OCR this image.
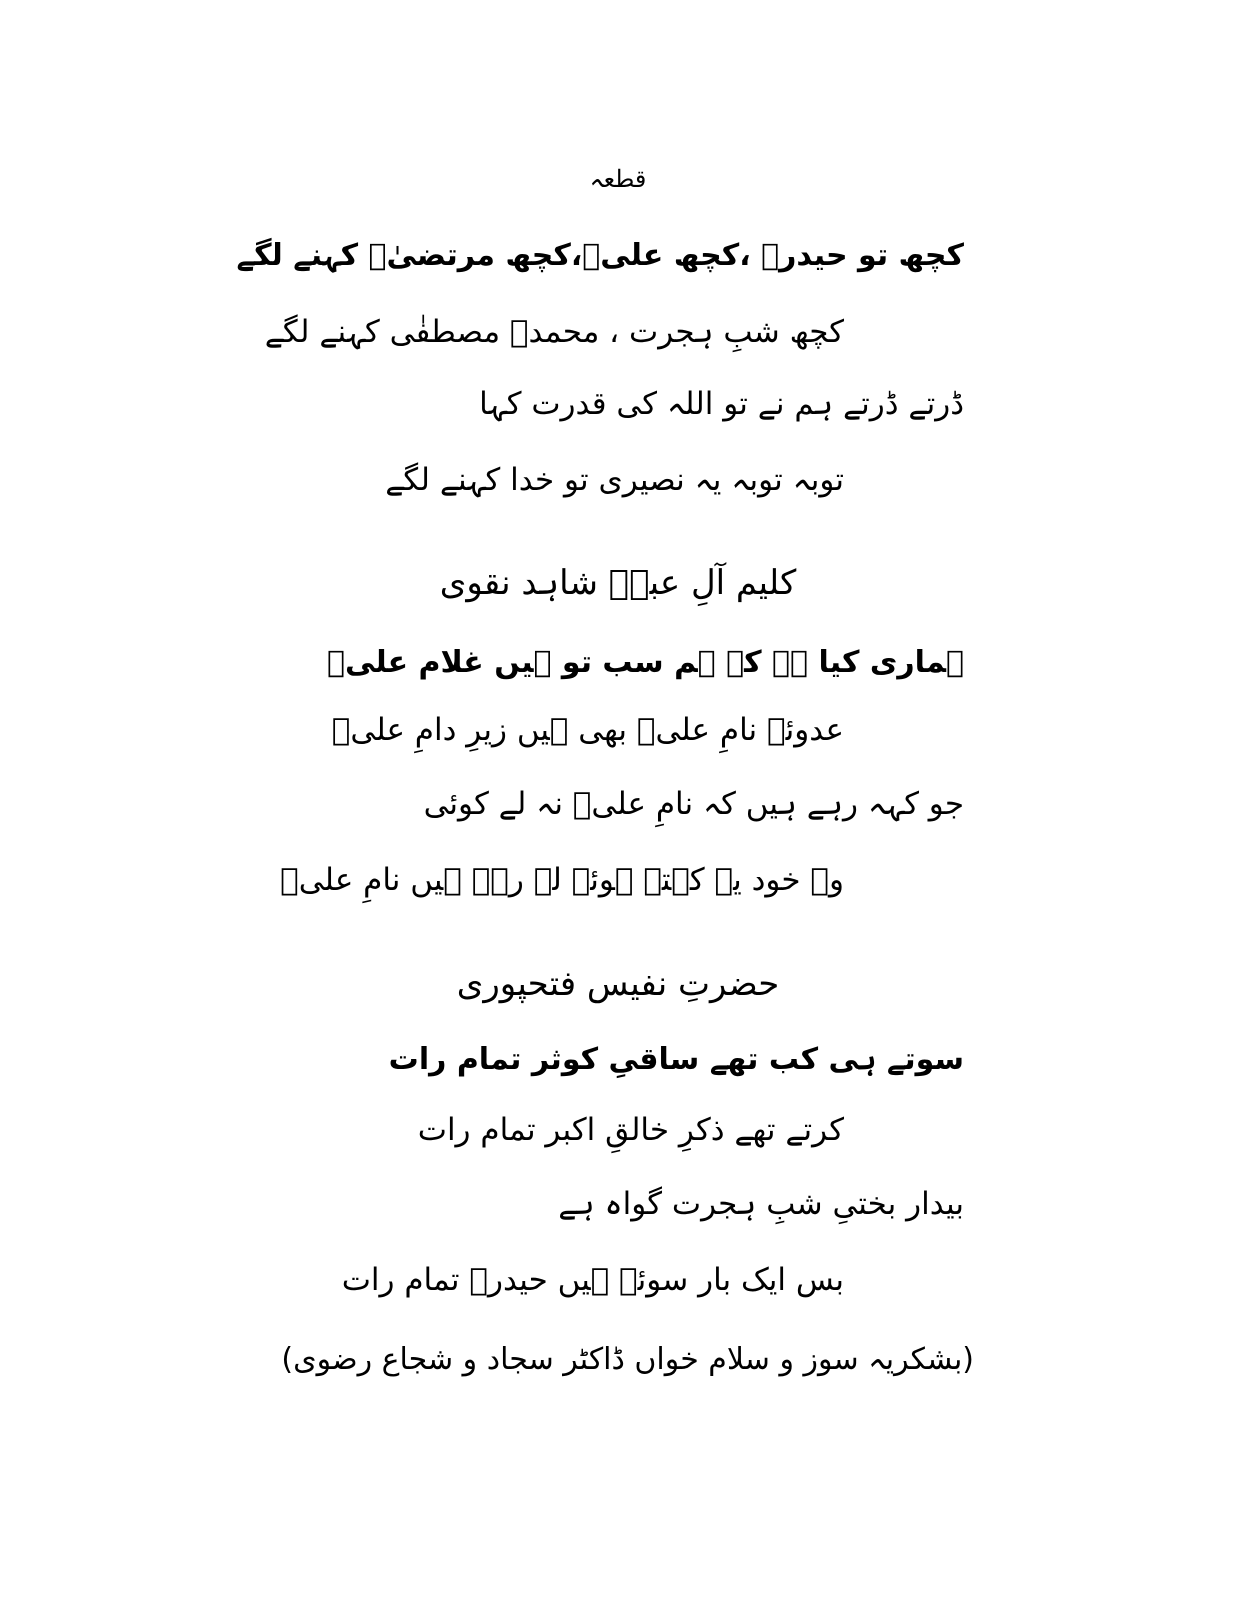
قطعہ
کچھ تو حیدرؑ ،کچھ علیؑ،کچھ مرتضیٰؑ کہنے لگے
کچھ شبِ ہجرت ، محمدؐ مصطفٰی کہنے لگے
ڈرتے ڈرتے ہم نے تو اللہ کی قدرت کہا
توبہ توبہ یہ نصیری تو خدا کہنے لگے
کلیم آلِ عباؑ شاہد نقوی
ہماری کیا ہے کہ ہم سب تو ہیں غلام علیؑ
عدوئے نامِ علیؑ بھی ہیں زیرِ دامِ علیؑ
جو کہہ رہے ہیں کہ نامِ علیؑ نہ لے کوئی
وہ خود یہ کہتے ہوئے لے رہے ہیں نامِ علیؑ
حضرتِ نفیس فتحپوری
سوتے ہی کب تھے ساقیِ کوثر تمام رات
کرتے تھے ذکرِ خالقِ اکبر تمام رات
بیدار بختیِ شبِ ہجرت گواہ ہے
بس ایک بار سوئے ہیں حیدرؑ تمام رات
(بشکریہ سوز و سلام خواں ڈاکٹر سجاد و شجاع رضوی)
